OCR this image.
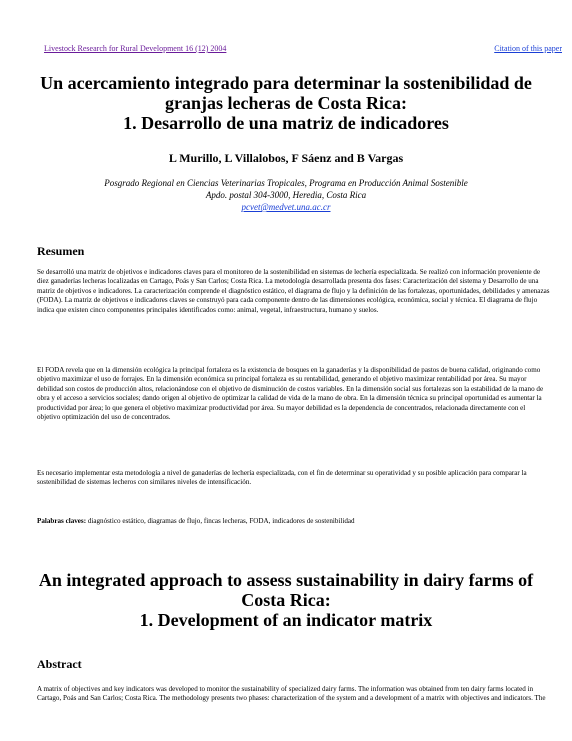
Livestock Research for Rural Development 16 (12) 2004	Citation of this paper
Un acercamiento integrado para determinar la sostenibilidad de
granjas lecheras de Costa Rica:
1. Desarrollo de una matriz de indicadores
L Murillo, L Villalobos, F Sáenz and B Vargas
Posgrado Regional en Ciencias Veterinarias Tropicales, Programa en Producción Animal Sostenible
Apdo. postal 304-3000, Heredia, Costa Rica
pcvet@medvet.una.ac.cr
Resumen

Se desarrolló una matriz de objetivos e indicadores claves para el monitoreo de la sostenibilidad en sistemas de lechería especializada. Se realizó con información proveniente de diez ganaderías lecheras localizadas en Cartago, Poás y San Carlos; Costa Rica. La metodología desarrollada presenta dos fases: Caracterización del sistema y Desarrollo de una matriz de objetivos e indicadores. La caracterización comprende el diagnóstico estático, el diagrama de flujo y la definición de las fortalezas, oportunidades, debilidades y amenazas (FODA). La matriz de objetivos e indicadores claves se construyó para cada componente dentro de las dimensiones ecológica, económica, social y técnica. El diagrama de flujo indica que existen cinco componentes principales identificados como: animal, vegetal, infraestructura, humano y suelos.

El FODA revela que en la dimensión ecológica la principal fortaleza es la existencia de bosques en la ganaderías y la disponibilidad de pastos de buena calidad, originando como objetivo maximizar el uso de forrajes. En la dimensión económica su principal fortaleza es su rentabilidad, generando el objetivo maximizar rentabilidad por área. Su mayor debilidad son costos de producción altos, relacionándose con el objetivo de disminución de costos variables. En la dimensión social sus fortalezas son la estabilidad de la mano de obra y el acceso a servicios sociales; dando origen al objetivo de optimizar la calidad de vida de la mano de obra. En la dimensión técnica su principal oportunidad es aumentar la productividad por área; lo que genera el objetivo maximizar productividad por área. Su mayor debilidad es la dependencia de concentrados, relacionada directamente con el objetivo optimización del uso de concentrados.

Es necesario implementar esta metodología a nivel de ganaderías de lechería especializada, con el fin de determinar su operatividad y su posible aplicación para comparar la sostenibilidad de sistemas lecheros con similares niveles de intensificación.

Palabras claves: diagnóstico estático, diagramas de flujo, fincas lecheras, FODA, indicadores de sostenibilidad

An integrated approach to assess sustainability in dairy farms of
Costa Rica:
1. Development of an indicator matrix
Abstract

A matrix of objectives and key indicators was developed to monitor the sustainability of specialized dairy farms. The information was obtained from ten dairy farms located in Cartago, Poás and San Carlos; Costa Rica. The methodology presents two phases: characterization of the system and a development of a matrix with objectives and indicators. The
